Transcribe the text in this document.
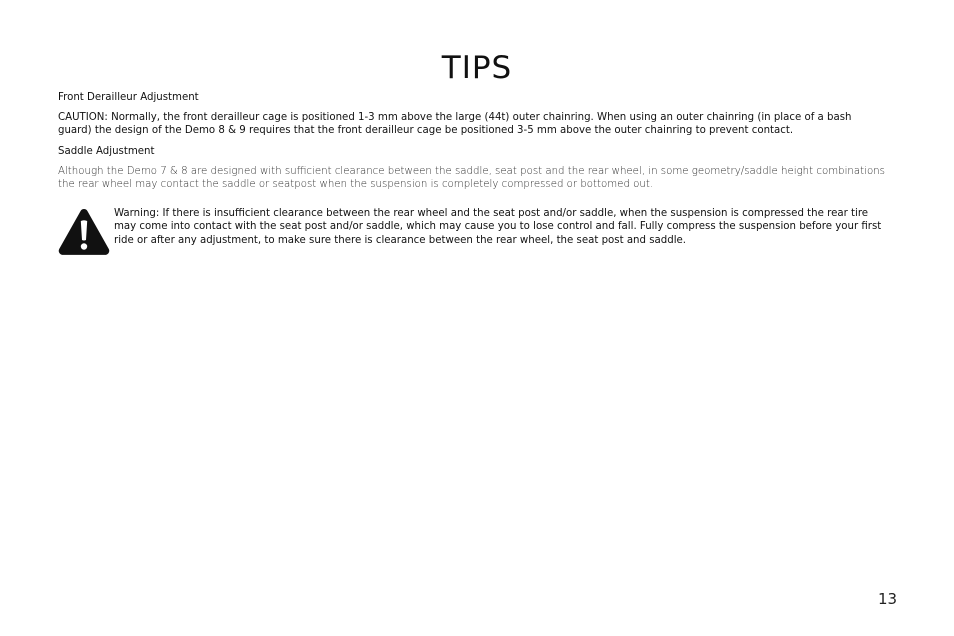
TIPS

Front Derailleur Adjustment

CAUTION: Normally, the front derailleur cage is positioned 1-3 mm above the large (44t) outer chainring. When using an outer chainring (in place of a bash guard) the design of the Demo 8 & 9 requires that the front derailleur cage be positioned 3-5 mm above the outer chainring to prevent contact.

Saddle Adjustment

Although the Demo 7 & 8 are designed with sufficient clearance between the saddle, seat post and the rear wheel, in some geometry/saddle height combinations the rear wheel may contact the saddle or seatpost when the suspension is completely compressed or bottomed out.

Warning: If there is insufficient clearance between the rear wheel and the seat post and/or saddle, when the suspension is compressed the rear tire may come into contact with the seat post and/or saddle, which may cause you to lose control and fall. Fully compress the suspension before your first ride or after any adjustment, to make sure there is clearance between the rear wheel, the seat post and saddle.

13
